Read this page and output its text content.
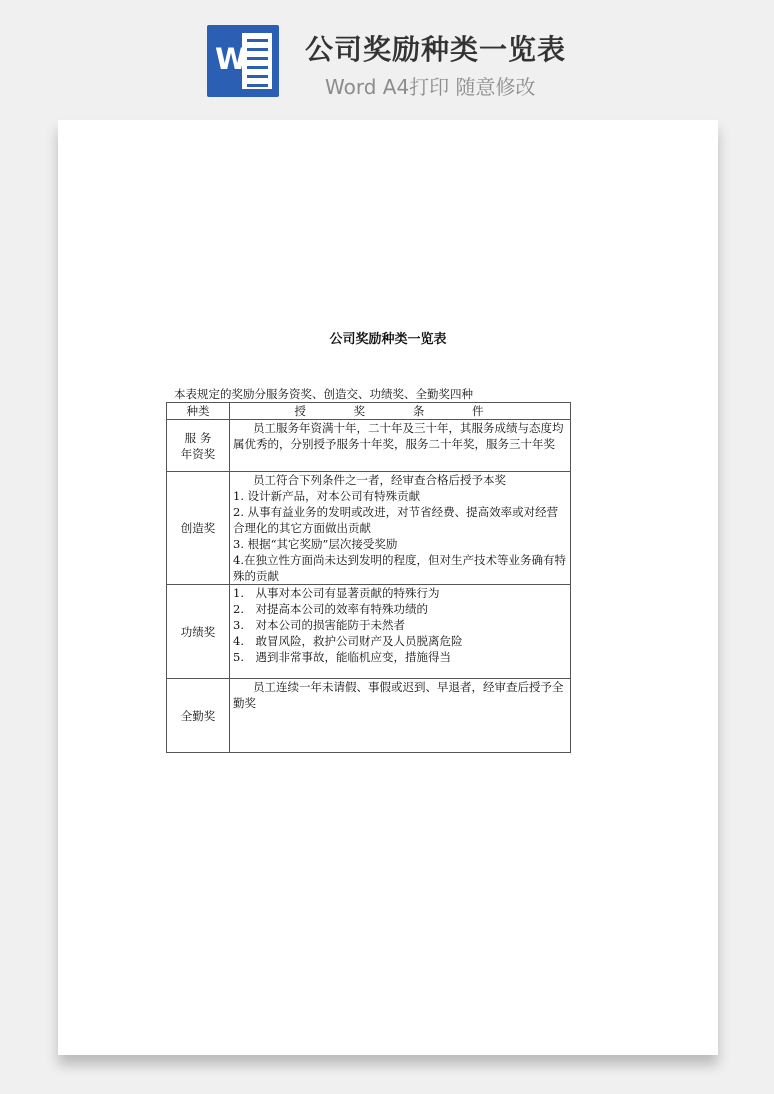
W 公司奖励种类一览表
Word A4打印 随意修改
公司奖励种类一览表
本表规定的奖励分服务资奖、创造交、功绩奖、全勤奖四种
种类	授 奖 条 件
服 务
年资奖	员工服务年资满十年，二十年及三十年，其服务成绩与态度均属优秀的，分别授予服务十年奖，服务二十年奖，服务三十年奖

创造奖	员工符合下列条件之一者，经审查合格后授予本奖
1. 设计新产品，对本公司有特殊贡献
2. 从事有益业务的发明或改进，对节省经费、提高效率或对经营合理化的其它方面做出贡献
3. 根据“其它奖励”层次接受奖励
4.在独立性方面尚未达到发明的程度，但对生产技术等业务确有特殊的贡献

功绩奖	1.　从事对本公司有显著贡献的特殊行为
2.　对提高本公司的效率有特殊功绩的
3.　对本公司的损害能防于未然者
4.　敢冒风险，救护公司财产及人员脱离危险
5.　遇到非常事故，能临机应变，措施得当

全勤奖	员工连续一年未请假、事假或迟到、早退者，经审查后授予全勤奖
